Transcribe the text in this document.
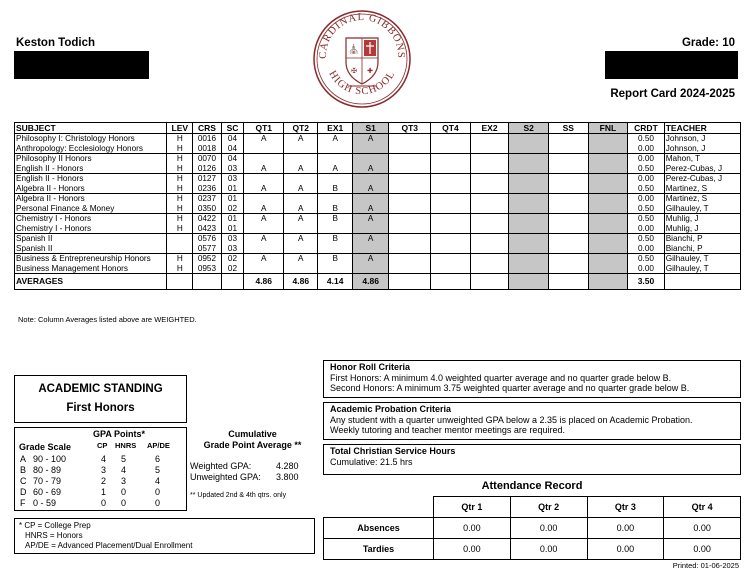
Keston Todich	Grade: 10
Report Card 2024-2025
CARDINAL GIBBONS
HIGH SCHOOL
⛪
✠ ✚
SUBJECT	LEV	CRS	SC	QT1	QT2	EX1	S1	QT3	QT4	EX2	S2	SS	FNL	CRDT	TEACHER
Philosophy I: Christology Honors	H	0016	04	A	A	A	A							0.50	Johnson, J
Anthropology: Ecclesiology Honors	H	0018	04											0.00	Johnson, J
Philosophy II Honors	H	0070	04											0.00	Mahon, T
English II - Honors	H	0126	03	A	A	A	A							0.50	Perez-Cubas, J
English II - Honors	H	0127	03											0.00	Perez-Cubas, J
Algebra II - Honors	H	0236	01	A	A	B	A							0.50	Martinez, S
Algebra II - Honors	H	0237	01											0.00	Martinez, S
Personal Finance & Money	H	0350	02	A	A	B	A							0.50	Gilhauley, T
Chemistry I - Honors	H	0422	01	A	A	B	A							0.50	Muhlig, J
Chemistry I - Honors	H	0423	01											0.00	Muhlig, J
Spanish II		0576	03	A	A	B	A							0.50	Bianchi, P
Spanish II		0577	03											0.00	Bianchi, P
Business & Entrepreneurship Honors	H	0952	02	A	A	B	A							0.50	Gilhauley, T
Business Management Honors	H	0953	02											0.00	Gilhauley, T
AVERAGES				4.86	4.86	4.14	4.86							3.50	
Note: Column Averages listed above are WEIGHTED.
Honor Roll Criteria
First Honors: A minimum 4.0 weighted quarter average and no quarter grade below B.
Second Honors: A minimum 3.75 weighted quarter average and no quarter grade below B.
Academic Probation Criteria
Any student with a quarter unweighted GPA below a 2.35 is placed on Academic Probation.
Weekly tutoring and teacher mentor meetings are required.
Total Christian Service Hours
Cumulative: 21.5 hrs
Attendance Record
	Qtr 1	Qtr 2	Qtr 3	Qtr 4
Absences	0.00	0.00	0.00	0.00
Tardies	0.00	0.00	0.00	0.00
ACADEMIC STANDING
First Honors
GPA Points*
Grade Scale	CP HNRS AP/DE
A 90 - 100	4 5	6
B 80 - 89	3 4	5
C 70 - 79	2 3	4
D 60 - 69	1 0	0
F 0 - 59	0 0	0
Cumulative
Grade Point Average **
Weighted GPA:	4.280
Unweighted GPA: 3.800
** Updated 2nd & 4th qtrs. only
* CP = College Prep
HNRS = Honors
AP/DE = Advanced Placement/Dual Enrollment
Printed: 01-06-2025
